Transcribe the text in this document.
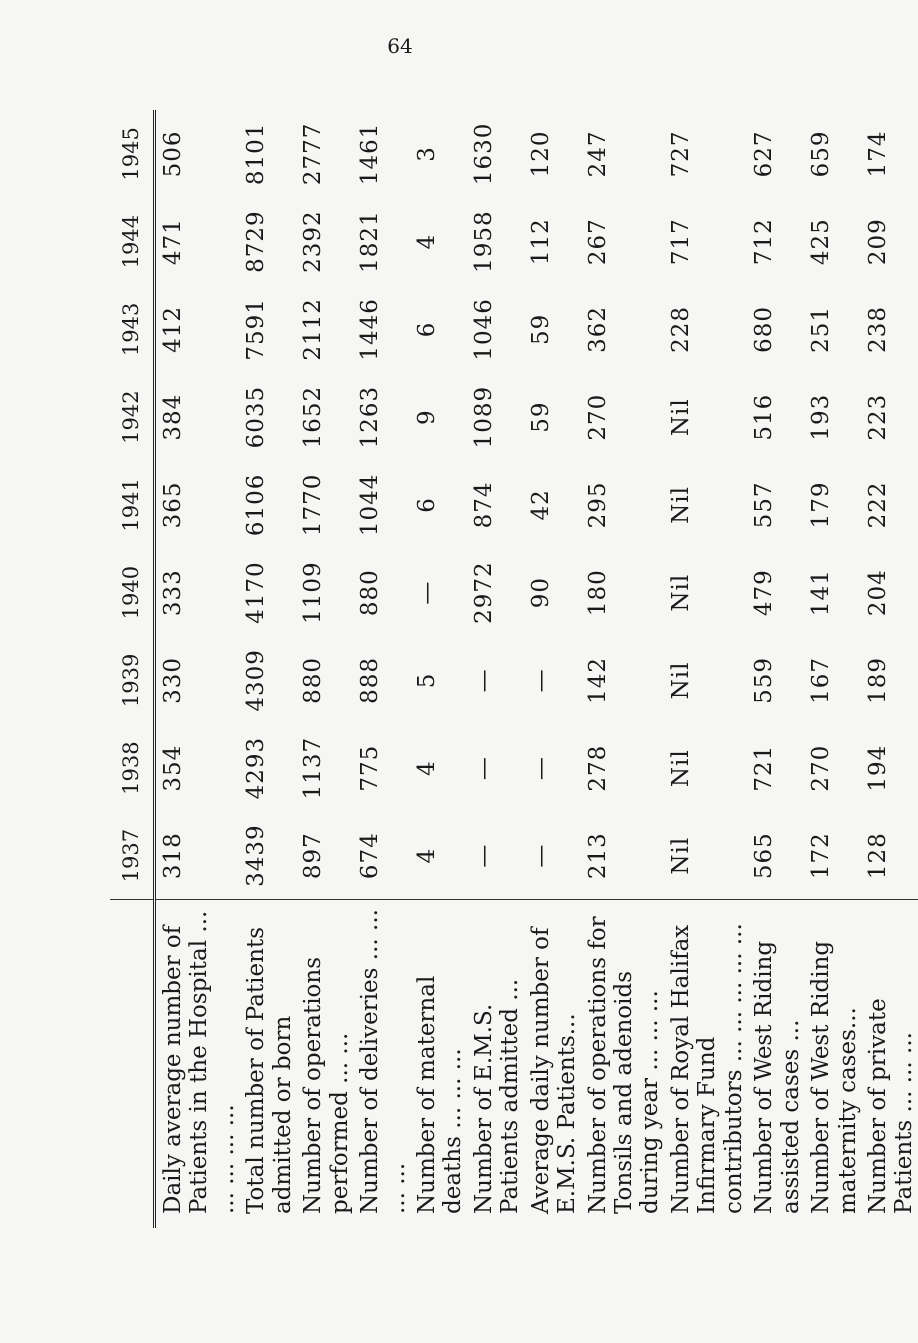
64
	1937	1938	1939	1940	1941	1942	1943	1944	1945
Daily average number of Patients in the Hospital ... ... ... ... ...	318	354	330	333	365	384	412	471	506
Total number of Patients admitted or born	3439	4293	4309	4170	6106	6035	7591	8729	8101
Number of operations performed ... ...	897	1137	880	1109	1770	1652	2112	2392	2777
Number of deliveries ... ... ... ...	674	775	888	880	1044	1263	1446	1821	1461
Number of maternal deaths ... ... ...	4	4	5	—	6	9	6	4	3
Number of E.M.S. Patients admitted ...	—	—	—	2972	874	1089	1046	1958	1630
Average daily number of E.M.S. Patients...	—	—	—	90	42	59	59	112	120
Number of operations for Tonsils and adenoids during year ... ... ...	213	278	142	180	295	270	362	267	247
Number of Royal Halifax Infirmary Fund contributors ... ... ... ... ...	Nil	Nil	Nil	Nil	Nil	Nil	228	717	727
Number of West Riding assisted cases ...	565	721	559	479	557	516	680	712	627
Number of West Riding maternity cases...	172	270	167	141	179	193	251	425	659
Number of private Patients ... ... ...	128	194	189	204	222	223	238	209	174
